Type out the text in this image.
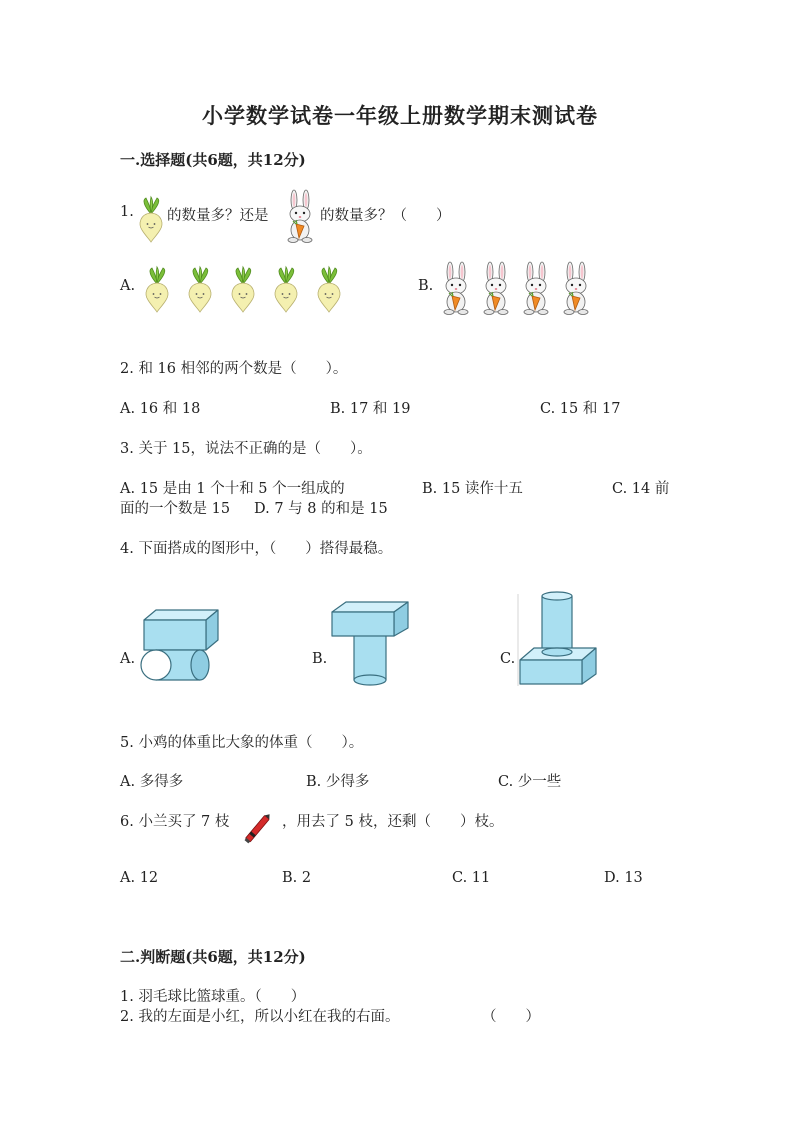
小学数学试卷一年级上册数学期末测试卷
一.选择题(共6题，共12分)
1. 的数量多？还是	的数量多？（　　）
A.	B.
2. 和 16 相邻的两个数是（　　）。
A. 16 和 18	B. 17 和 19	C. 15 和 17
3. 关于 15，说法不正确的是（　　）。
A. 15 是由 1 个十和 5 个一组成的	B. 15 读作十五	C. 14 前
面的一个数是 15 D. 7 与 8 的和是 15
4. 下面搭成的图形中，（　　）搭得最稳。
A.	B.	C.
5. 小鸡的体重比大象的体重（　　）。
A. 多得多	B. 少得多	C. 少一些
6. 小兰买了 7 枝	，用去了 5 枝，还剩（　　）枝。
A. 12	B. 2	C. 11	D. 13
二.判断题(共6题，共12分)
1. 羽毛球比篮球重。（　　）
2. 我的左面是小红，所以小红在我的右面。	（　　）
